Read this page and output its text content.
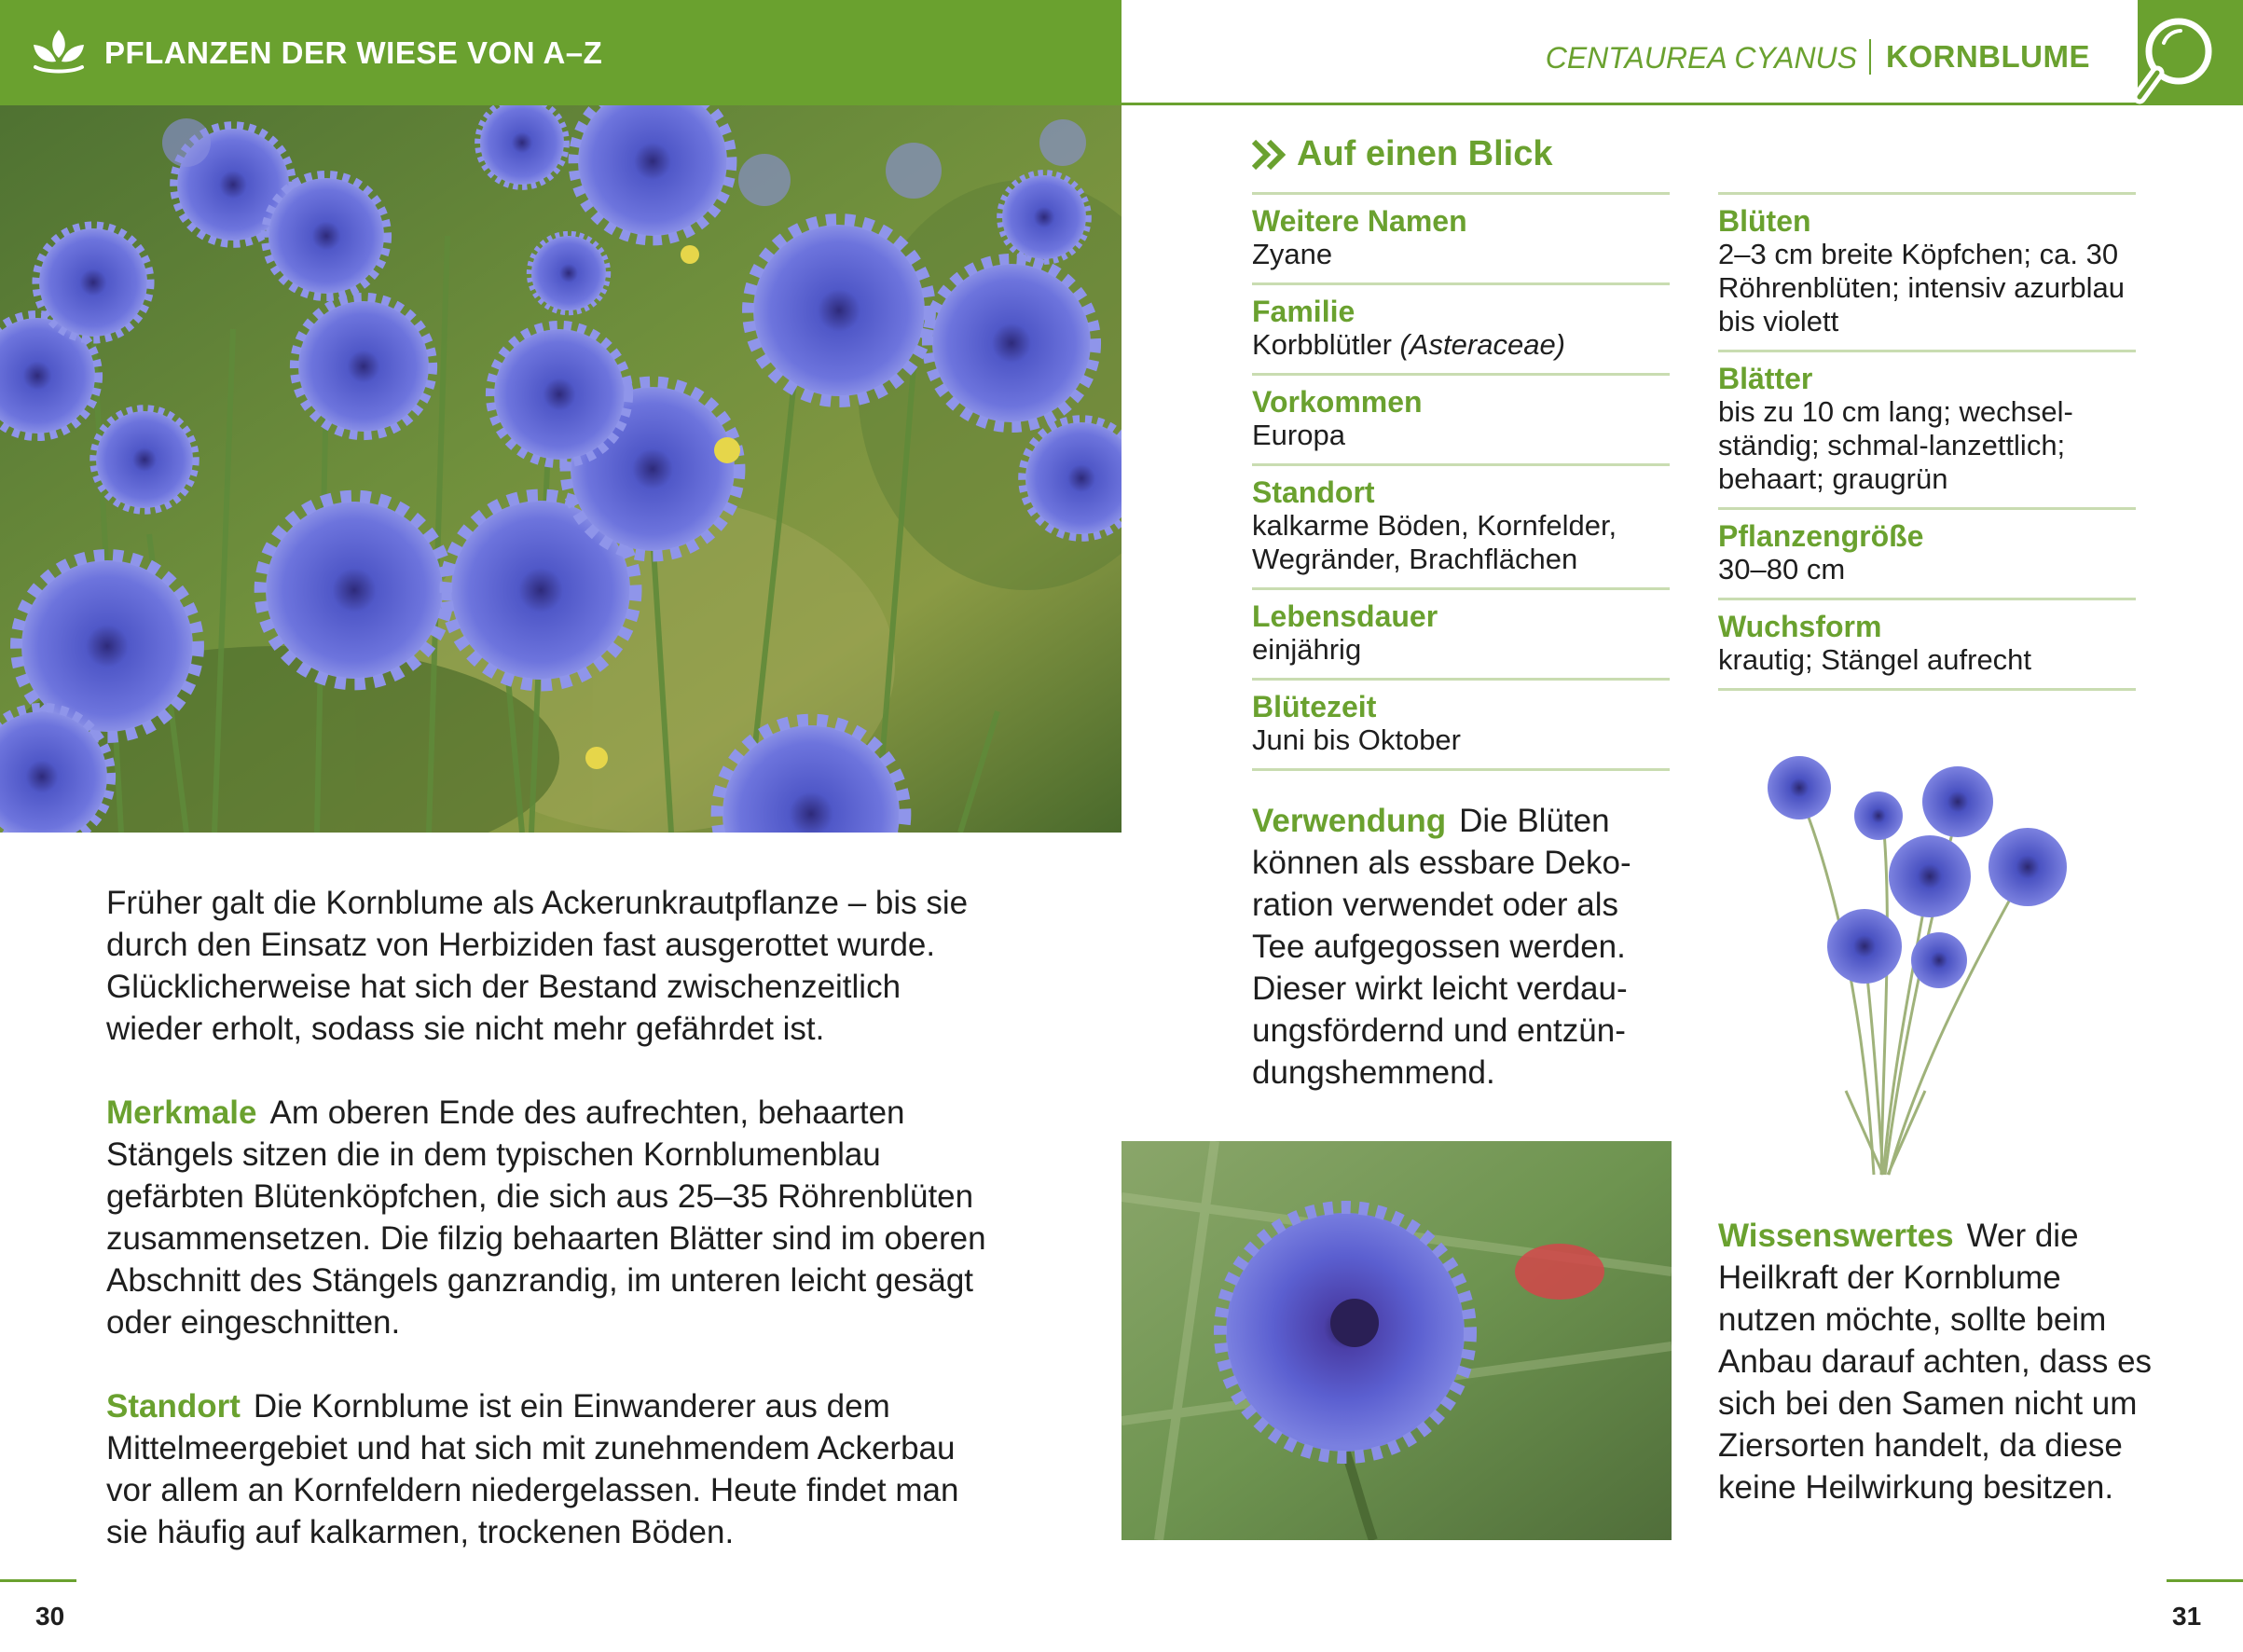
PFLANZEN DER WIESE VON A–Z	CENTAUREA CYANUS KORNBLUME

Früher galt die Kornblume als Ackerunkrautpflanze – bis sie durch den Einsatz von Herbiziden fast ausgerottet wurde. Glücklicherweise hat sich der Bestand zwischenzeitlich wieder erholt, sodass sie nicht mehr gefährdet ist.

Merkmale Am oberen Ende des aufrechten, behaarten Stängels sitzen die in dem typischen Kornblumenblau gefärbten Blütenköpfchen, die sich aus 25–35 Röhrenblüten zusammensetzen. Die filzig behaarten Blätter sind im oberen Abschnitt des Stängels ganzrandig, im unteren leicht gesägt oder eingeschnitten.

Standort Die Kornblume ist ein Einwanderer aus dem Mittelmeergebiet und hat sich mit zunehmendem Ackerbau vor allem an Kornfeldern niedergelassen. Heute findet man sie häufig auf kalkarmen, trockenen Böden.

Auf einen Blick
Weitere Namen
Zyane
Familie
Korbblütler (Asteraceae)
Vorkommen
Europa
Standort
kalkarme Böden, Kornfelder, Wegränder, Brachflächen
Lebensdauer
einjährig
Blütezeit
Juni bis Oktober
Blüten
2–3 cm breite Köpfchen; ca. 30 Röhrenblüten; intensiv azurblau bis violett
Blätter
bis zu 10 cm lang; wechselständig; schmal-lanzettlich; behaart; graugrün
Pflanzengröße
30–80 cm
Wuchsform
krautig; Stängel aufrecht
Verwendung Die Blüten können als essbare Dekoration verwendet oder als Tee aufgegossen werden. Dieser wirkt leicht verdauungsfördernd und entzündungshemmend.
Wissenswertes Wer die Heilkraft der Kornblume nutzen möchte, sollte beim Anbau darauf achten, dass es sich bei den Samen nicht um Ziersorten handelt, da diese keine Heilwirkung besitzen.
30	31
